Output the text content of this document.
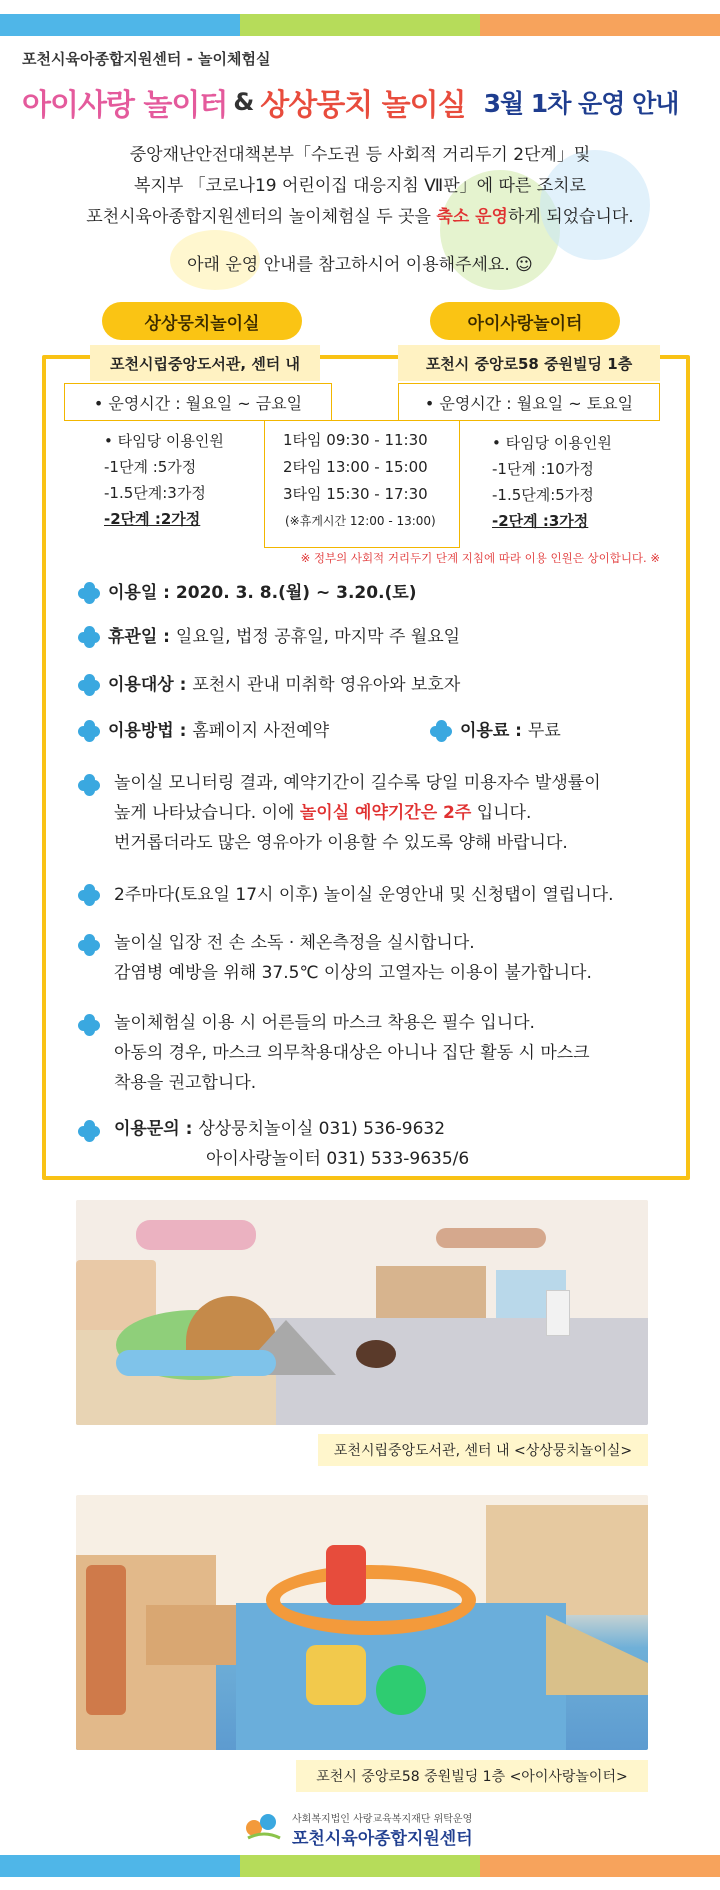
포천시육아종합지원센터 - 놀이체험실
아이사랑 놀이터 & 상상뭉치 놀이실 3월 1차 운영 안내
중앙재난안전대책본부「수도권 등 사회적 거리두기 2단계」및
복지부 「코로나19 어린이집 대응지침 Ⅶ판」에 따른 조치로
포천시육아종합지원센터의 놀이체험실 두 곳을 축소 운영하게 되었습니다.
아래 운영 안내를 참고하시어 이용해주세요. ☺
상상뭉치놀이실	아이사랑놀이터
포천시립중앙도서관, 센터 내	포천시 중앙로58 중원빌딩 1층
• 운영시간 : 월요일 ~ 금요일	• 운영시간 : 월요일 ~ 토요일
• 타임당 이용인원
-1단계 :5가정
-1.5단계:3가정
-2단계 :2가정
1타임 09:30 - 11:30
2타임 13:00 - 15:00
3타임 15:30 - 17:30
(※휴게시간 12:00 - 13:00)
• 타임당 이용인원
-1단계 :10가정
-1.5단계:5가정
-2단계 :3가정
※ 정부의 사회적 거리두기 단계 지침에 따라 이용 인원은 상이합니다. ※
이용일 : 2020. 3. 8.(월) ~ 3.20.(토)
휴관일 : 일요일, 법정 공휴일, 마지막 주 월요일
이용대상 : 포천시 관내 미취학 영유아와 보호자
이용방법 : 홈페이지 사전예약	이용료 : 무료
놀이실 모니터링 결과, 예약기간이 길수록 당일 미용자수 발생률이
높게 나타났습니다. 이에 놀이실 예약기간은 2주 입니다.
번거롭더라도 많은 영유아가 이용할 수 있도록 양해 바랍니다.
2주마다(토요일 17시 이후) 놀이실 운영안내 및 신청탭이 열립니다.
놀이실 입장 전 손 소독 · 체온측정을 실시합니다.
감염병 예방을 위해 37.5℃ 이상의 고열자는 이용이 불가합니다.
놀이체험실 이용 시 어른들의 마스크 착용은 필수 입니다.
아동의 경우, 마스크 의무착용대상은 아니나 집단 활동 시 마스크
착용을 권고합니다.
이용문의 : 상상뭉치놀이실 031) 536-9632
아이사랑놀이터 031) 533-9635/6
포천시립중앙도서관, 센터 내 <상상뭉치놀이실>
포천시 중앙로58 중원빌딩 1층 <아이사랑놀이터>
사회복지법인 사랑교육복지재단 위탁운영
포천시육아종합지원센터
